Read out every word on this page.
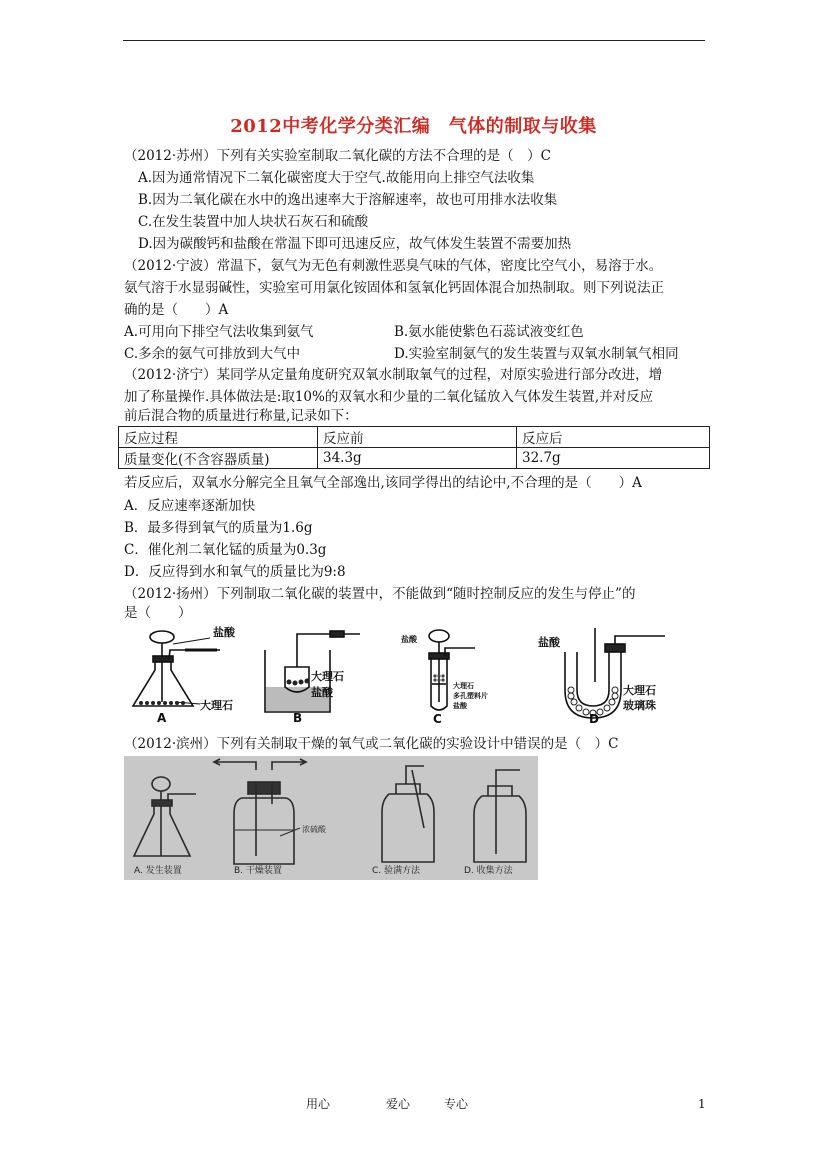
2012中考化学分类汇编　气体的制取与收集
（2012·苏州）下列有关实验室制取二氧化碳的方法不合理的是（　）C
A.因为通常情况下二氧化碳密度大于空气.故能用向上排空气法收集
B.因为二氧化碳在水中的逸出速率大于溶解速率，故也可用排水法收集
C.在发生装置中加人块状石灰石和硫酸
D.因为碳酸钙和盐酸在常温下即可迅速反应，故气体发生装置不需要加热
（2012·宁波）常温下，氨气为无色有刺激性恶臭气味的气体，密度比空气小，易溶于水。
氨气溶于水显弱碱性，实验室可用氯化铵固体和氢氧化钙固体混合加热制取。则下列说法正
确的是（　　）A
A.可用向下排空气法收集到氨气	B.氨水能使紫色石蕊试液变红色
C.多余的氨气可排放到大气中	D.实验室制氨气的发生装置与双氧水制氧气相同
（2012·济宁）某同学从定量角度研究双氧水制取氧气的过程，对原实验进行部分改进，增
加了称量操作.具体做法是:取10%的双氧水和少量的二氧化锰放入气体发生装置,并对反应
前后混合物的质量进行称量,记录如下：
反应过程	反应前	反应后
质量变化(不含容器质量)	34.3g	32.7g
若反应后，双氧水分解完全且氧气全部逸出,该同学得出的结论中,不合理的是（　　）A
A．反应速率逐渐加快
B．最多得到氧气的质量为1.6g
C．催化剂二氧化锰的质量为0.3g
D．反应得到水和氧气的质量比为9:8
（2012·扬州）下列制取二氧化碳的装置中，不能做到“随时控制反应的发生与停止”的
是（　　）
盐酸
大理石
A
大理石
盐酸
B
盐酸
大理石
多孔塑料片
盐酸
C
盐酸
大理石
玻璃珠
D
（2012·滨州）下列有关制取干燥的氧气或二氧化碳的实验设计中错误的是（　）C
浓硫酸
A. 发生装置	B. 干燥装置	C. 验满方法	D. 收集方法
用心	爱心	专心	1
